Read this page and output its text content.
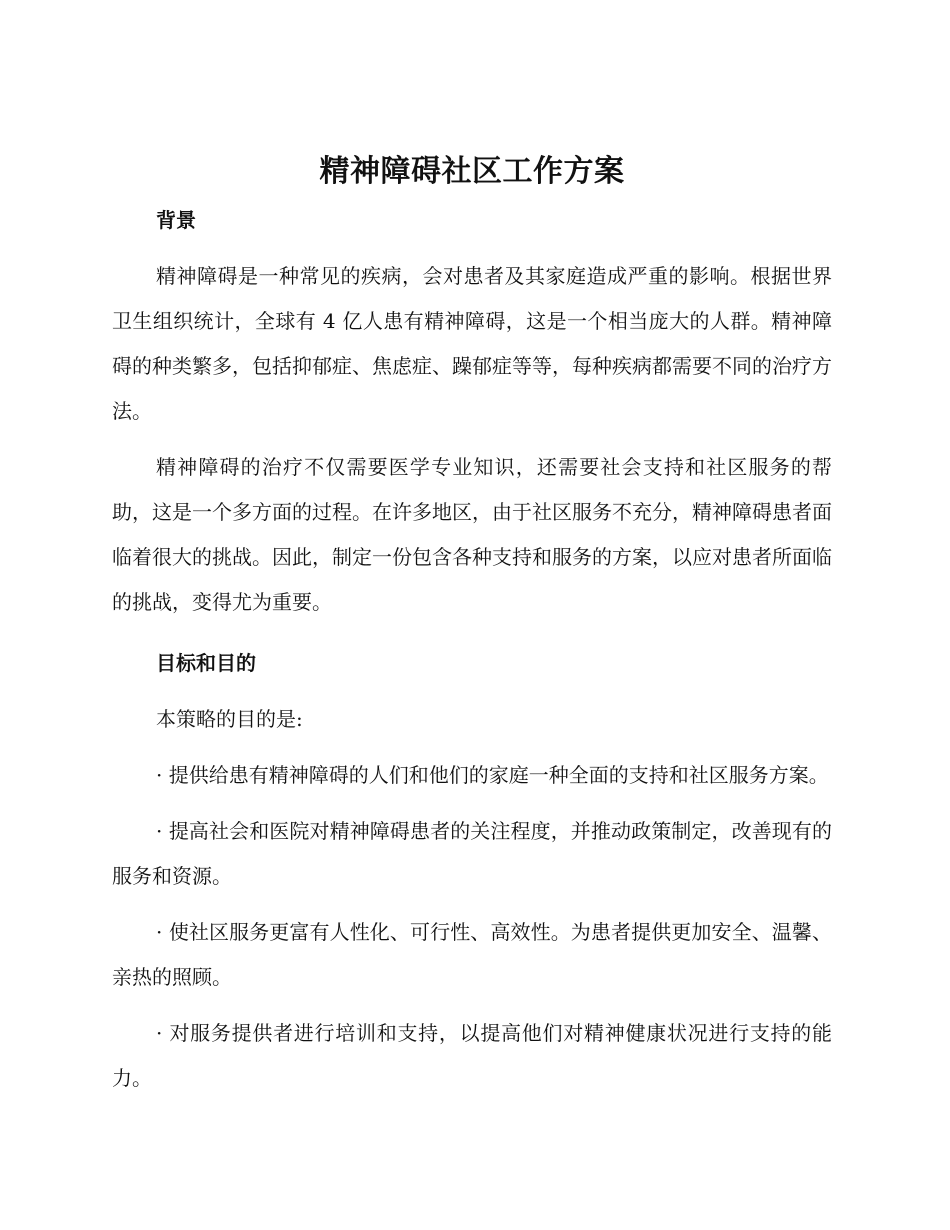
精神障碍社区工作方案
背景

精神障碍是一种常见的疾病，会对患者及其家庭造成严重的影响。根据世界卫生组织统计，全球有 4 亿人患有精神障碍，这是一个相当庞大的人群。精神障碍的种类繁多，包括抑郁症、焦虑症、躁郁症等等，每种疾病都需要不同的治疗方法。

精神障碍的治疗不仅需要医学专业知识，还需要社会支持和社区服务的帮助，这是一个多方面的过程。在许多地区，由于社区服务不充分，精神障碍患者面临着很大的挑战。因此，制定一份包含各种支持和服务的方案，以应对患者所面临的挑战，变得尤为重要。

目标和目的

本策略的目的是:

· 提供给患有精神障碍的人们和他们的家庭一种全面的支持和社区服务方案。

· 提高社会和医院对精神障碍患者的关注程度，并推动政策制定，改善现有的服务和资源。

· 使社区服务更富有人性化、可行性、高效性。为患者提供更加安全、温馨、亲热的照顾。

· 对服务提供者进行培训和支持，以提高他们对精神健康状况进行支持的能力。
